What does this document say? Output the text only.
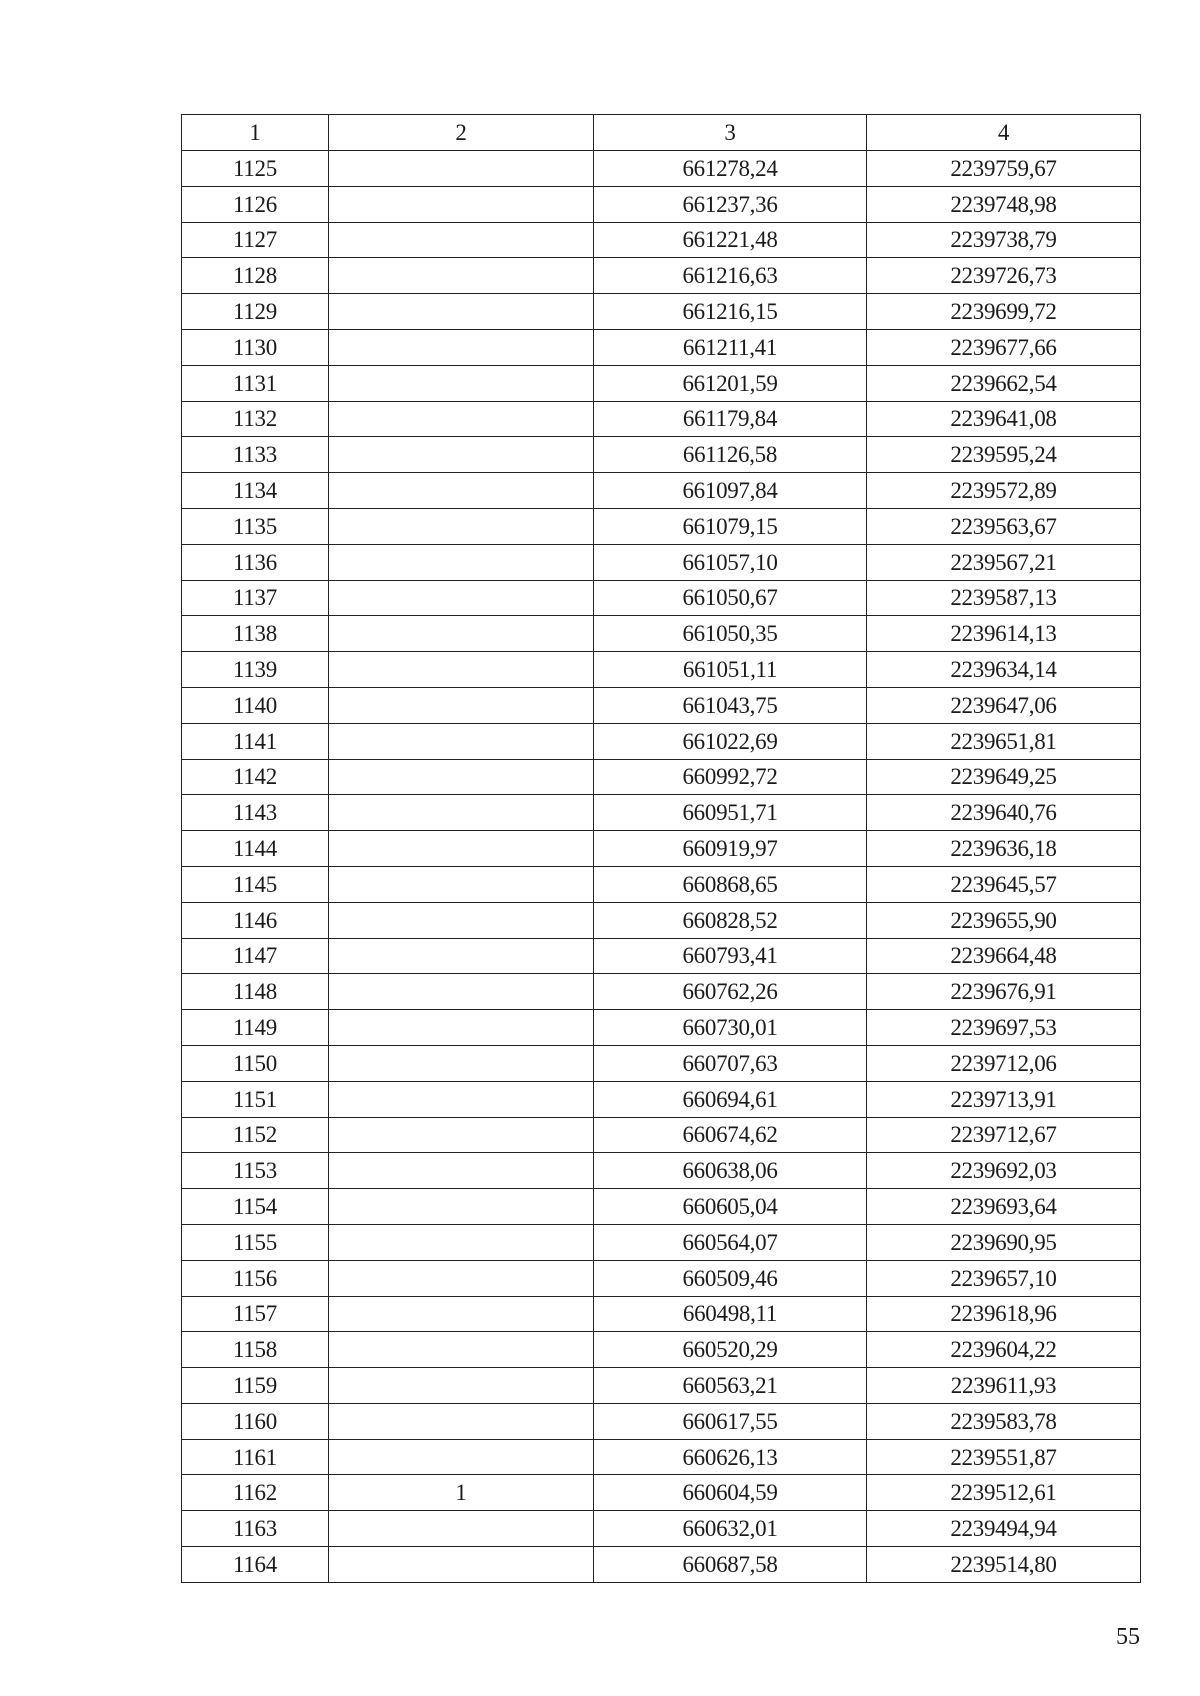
1	2	3	4
1125		661278,24	2239759,67
1126		661237,36	2239748,98
1127		661221,48	2239738,79
1128		661216,63	2239726,73
1129		661216,15	2239699,72
1130		661211,41	2239677,66
1131		661201,59	2239662,54
1132		661179,84	2239641,08
1133		661126,58	2239595,24
1134		661097,84	2239572,89
1135		661079,15	2239563,67
1136		661057,10	2239567,21
1137		661050,67	2239587,13
1138		661050,35	2239614,13
1139		661051,11	2239634,14
1140		661043,75	2239647,06
1141		661022,69	2239651,81
1142		660992,72	2239649,25
1143		660951,71	2239640,76
1144		660919,97	2239636,18
1145		660868,65	2239645,57
1146		660828,52	2239655,90
1147		660793,41	2239664,48
1148		660762,26	2239676,91
1149		660730,01	2239697,53
1150		660707,63	2239712,06
1151		660694,61	2239713,91
1152		660674,62	2239712,67
1153		660638,06	2239692,03
1154		660605,04	2239693,64
1155		660564,07	2239690,95
1156		660509,46	2239657,10
1157		660498,11	2239618,96
1158		660520,29	2239604,22
1159		660563,21	2239611,93
1160		660617,55	2239583,78
1161		660626,13	2239551,87
1162	1	660604,59	2239512,61
1163		660632,01	2239494,94
1164		660687,58	2239514,80
55
